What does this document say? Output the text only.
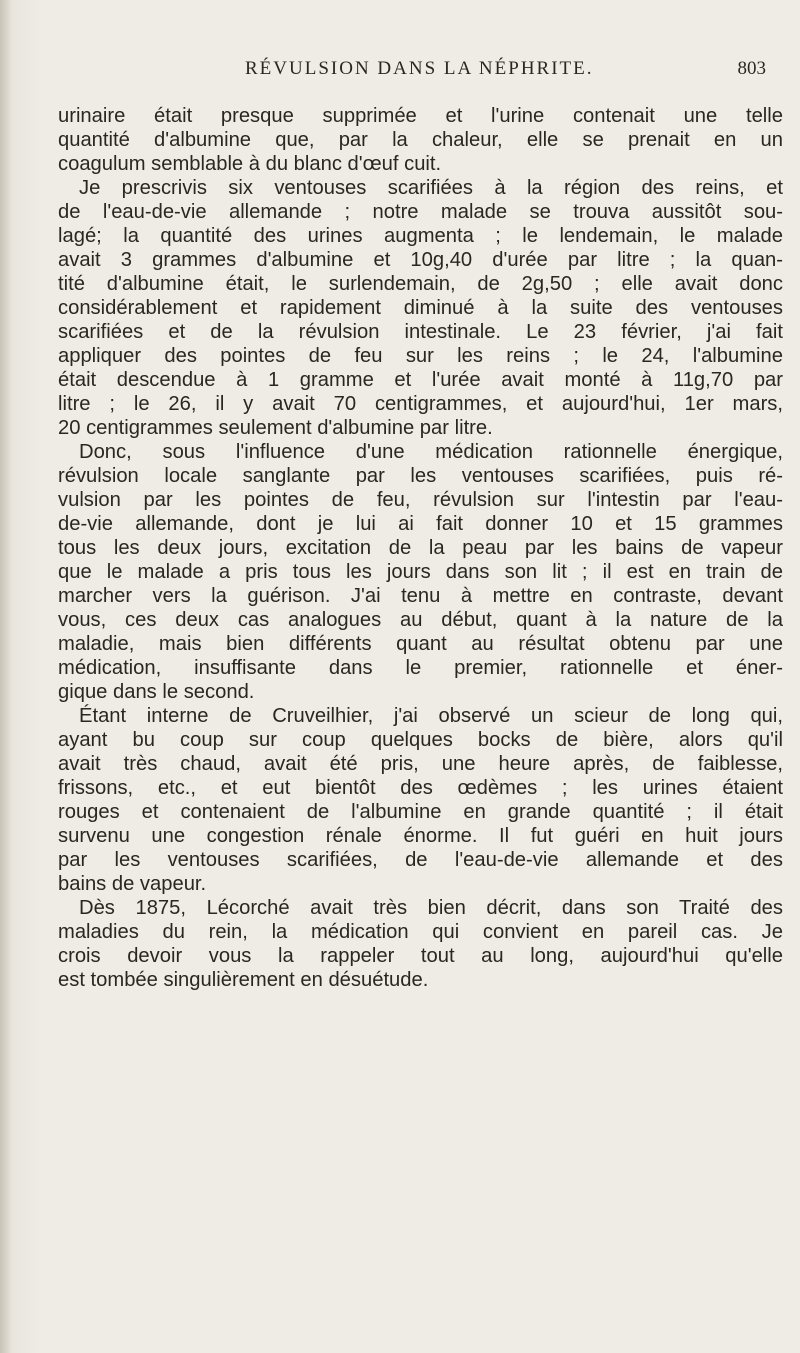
RÉVULSION DANS LA NÉPHRITE.	803
urinaire était presque supprimée et l'urine contenait une telle
quantité d'albumine que, par la chaleur, elle se prenait en un
coagulum semblable à du blanc d'œuf cuit.
Je prescrivis six ventouses scarifiées à la région des reins, et
de l'eau-de-vie allemande ; notre malade se trouva aussitôt sou-
lagé; la quantité des urines augmenta ; le lendemain, le malade
avait 3 grammes d'albumine et 10g,40 d'urée par litre ; la quan-
tité d'albumine était, le surlendemain, de 2g,50 ; elle avait donc
considérablement et rapidement diminué à la suite des ventouses
scarifiées et de la révulsion intestinale. Le 23 février, j'ai fait
appliquer des pointes de feu sur les reins ; le 24, l'albumine
était descendue à 1 gramme et l'urée avait monté à 11g,70 par
litre ; le 26, il y avait 70 centigrammes, et aujourd'hui, 1er mars,
20 centigrammes seulement d'albumine par litre.
Donc, sous l'influence d'une médication rationnelle énergique,
révulsion locale sanglante par les ventouses scarifiées, puis ré-
vulsion par les pointes de feu, révulsion sur l'intestin par l'eau-
de-vie allemande, dont je lui ai fait donner 10 et 15 grammes
tous les deux jours, excitation de la peau par les bains de vapeur
que le malade a pris tous les jours dans son lit ; il est en train de
marcher vers la guérison. J'ai tenu à mettre en contraste, devant
vous, ces deux cas analogues au début, quant à la nature de la
maladie, mais bien différents quant au résultat obtenu par une
médication, insuffisante dans le premier, rationnelle et éner-
gique dans le second.
Étant interne de Cruveilhier, j'ai observé un scieur de long qui,
ayant bu coup sur coup quelques bocks de bière, alors qu'il
avait très chaud, avait été pris, une heure après, de faiblesse,
frissons, etc., et eut bientôt des œdèmes ; les urines étaient
rouges et contenaient de l'albumine en grande quantité ; il était
survenu une congestion rénale énorme. Il fut guéri en huit jours
par les ventouses scarifiées, de l'eau-de-vie allemande et des
bains de vapeur.
Dès 1875, Lécorché avait très bien décrit, dans son Traité des
maladies du rein, la médication qui convient en pareil cas. Je
crois devoir vous la rappeler tout au long, aujourd'hui qu'elle
est tombée singulièrement en désuétude.
